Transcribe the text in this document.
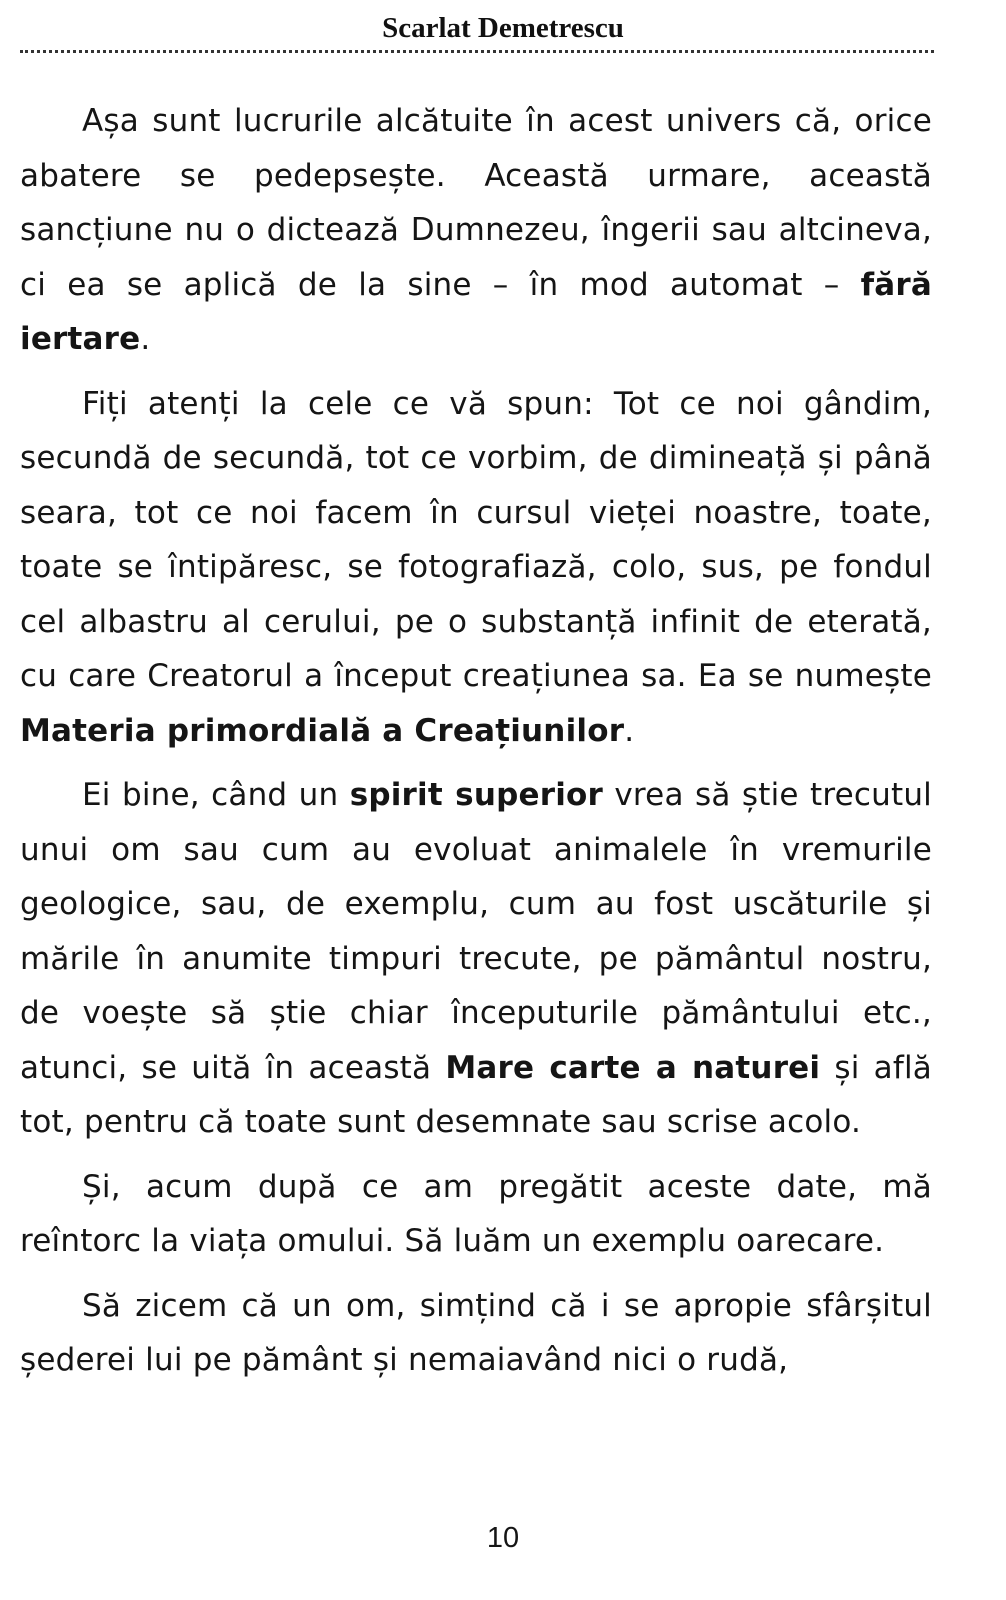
Scarlat Demetrescu

Așa sunt lucrurile alcătuite în acest univers că, orice abatere se pedepsește. Această urmare, această sancțiune nu o dictează Dumnezeu, îngerii sau altcineva, ci ea se aplică de la sine – în mod automat – fără iertare.

Fiți atenți la cele ce vă spun: Tot ce noi gândim, secundă de secundă, tot ce vorbim, de dimineață și până seara, tot ce noi facem în cursul vieței noastre, toate, toate se întipăresc, se fotografiază, colo, sus, pe fondul cel albastru al cerului, pe o substanță infinit de eterată, cu care Creatorul a început creațiunea sa. Ea se numește Materia primordială a Creațiunilor.

Ei bine, când un spirit superior vrea să știe trecutul unui om sau cum au evoluat animalele în vremurile geologice, sau, de exemplu, cum au fost uscăturile și mările în anumite timpuri trecute, pe pământul nostru, de voește să știe chiar începuturile pământului etc., atunci, se uită în această Mare carte a naturei și află tot, pentru că toate sunt desemnate sau scrise acolo.

Și, acum după ce am pregătit aceste date, mă reîntorc la viața omului. Să luăm un exemplu oarecare.

Să zicem că un om, simțind că i se apropie sfârșitul șederei lui pe pământ și nemaiavând nici o rudă,

10
